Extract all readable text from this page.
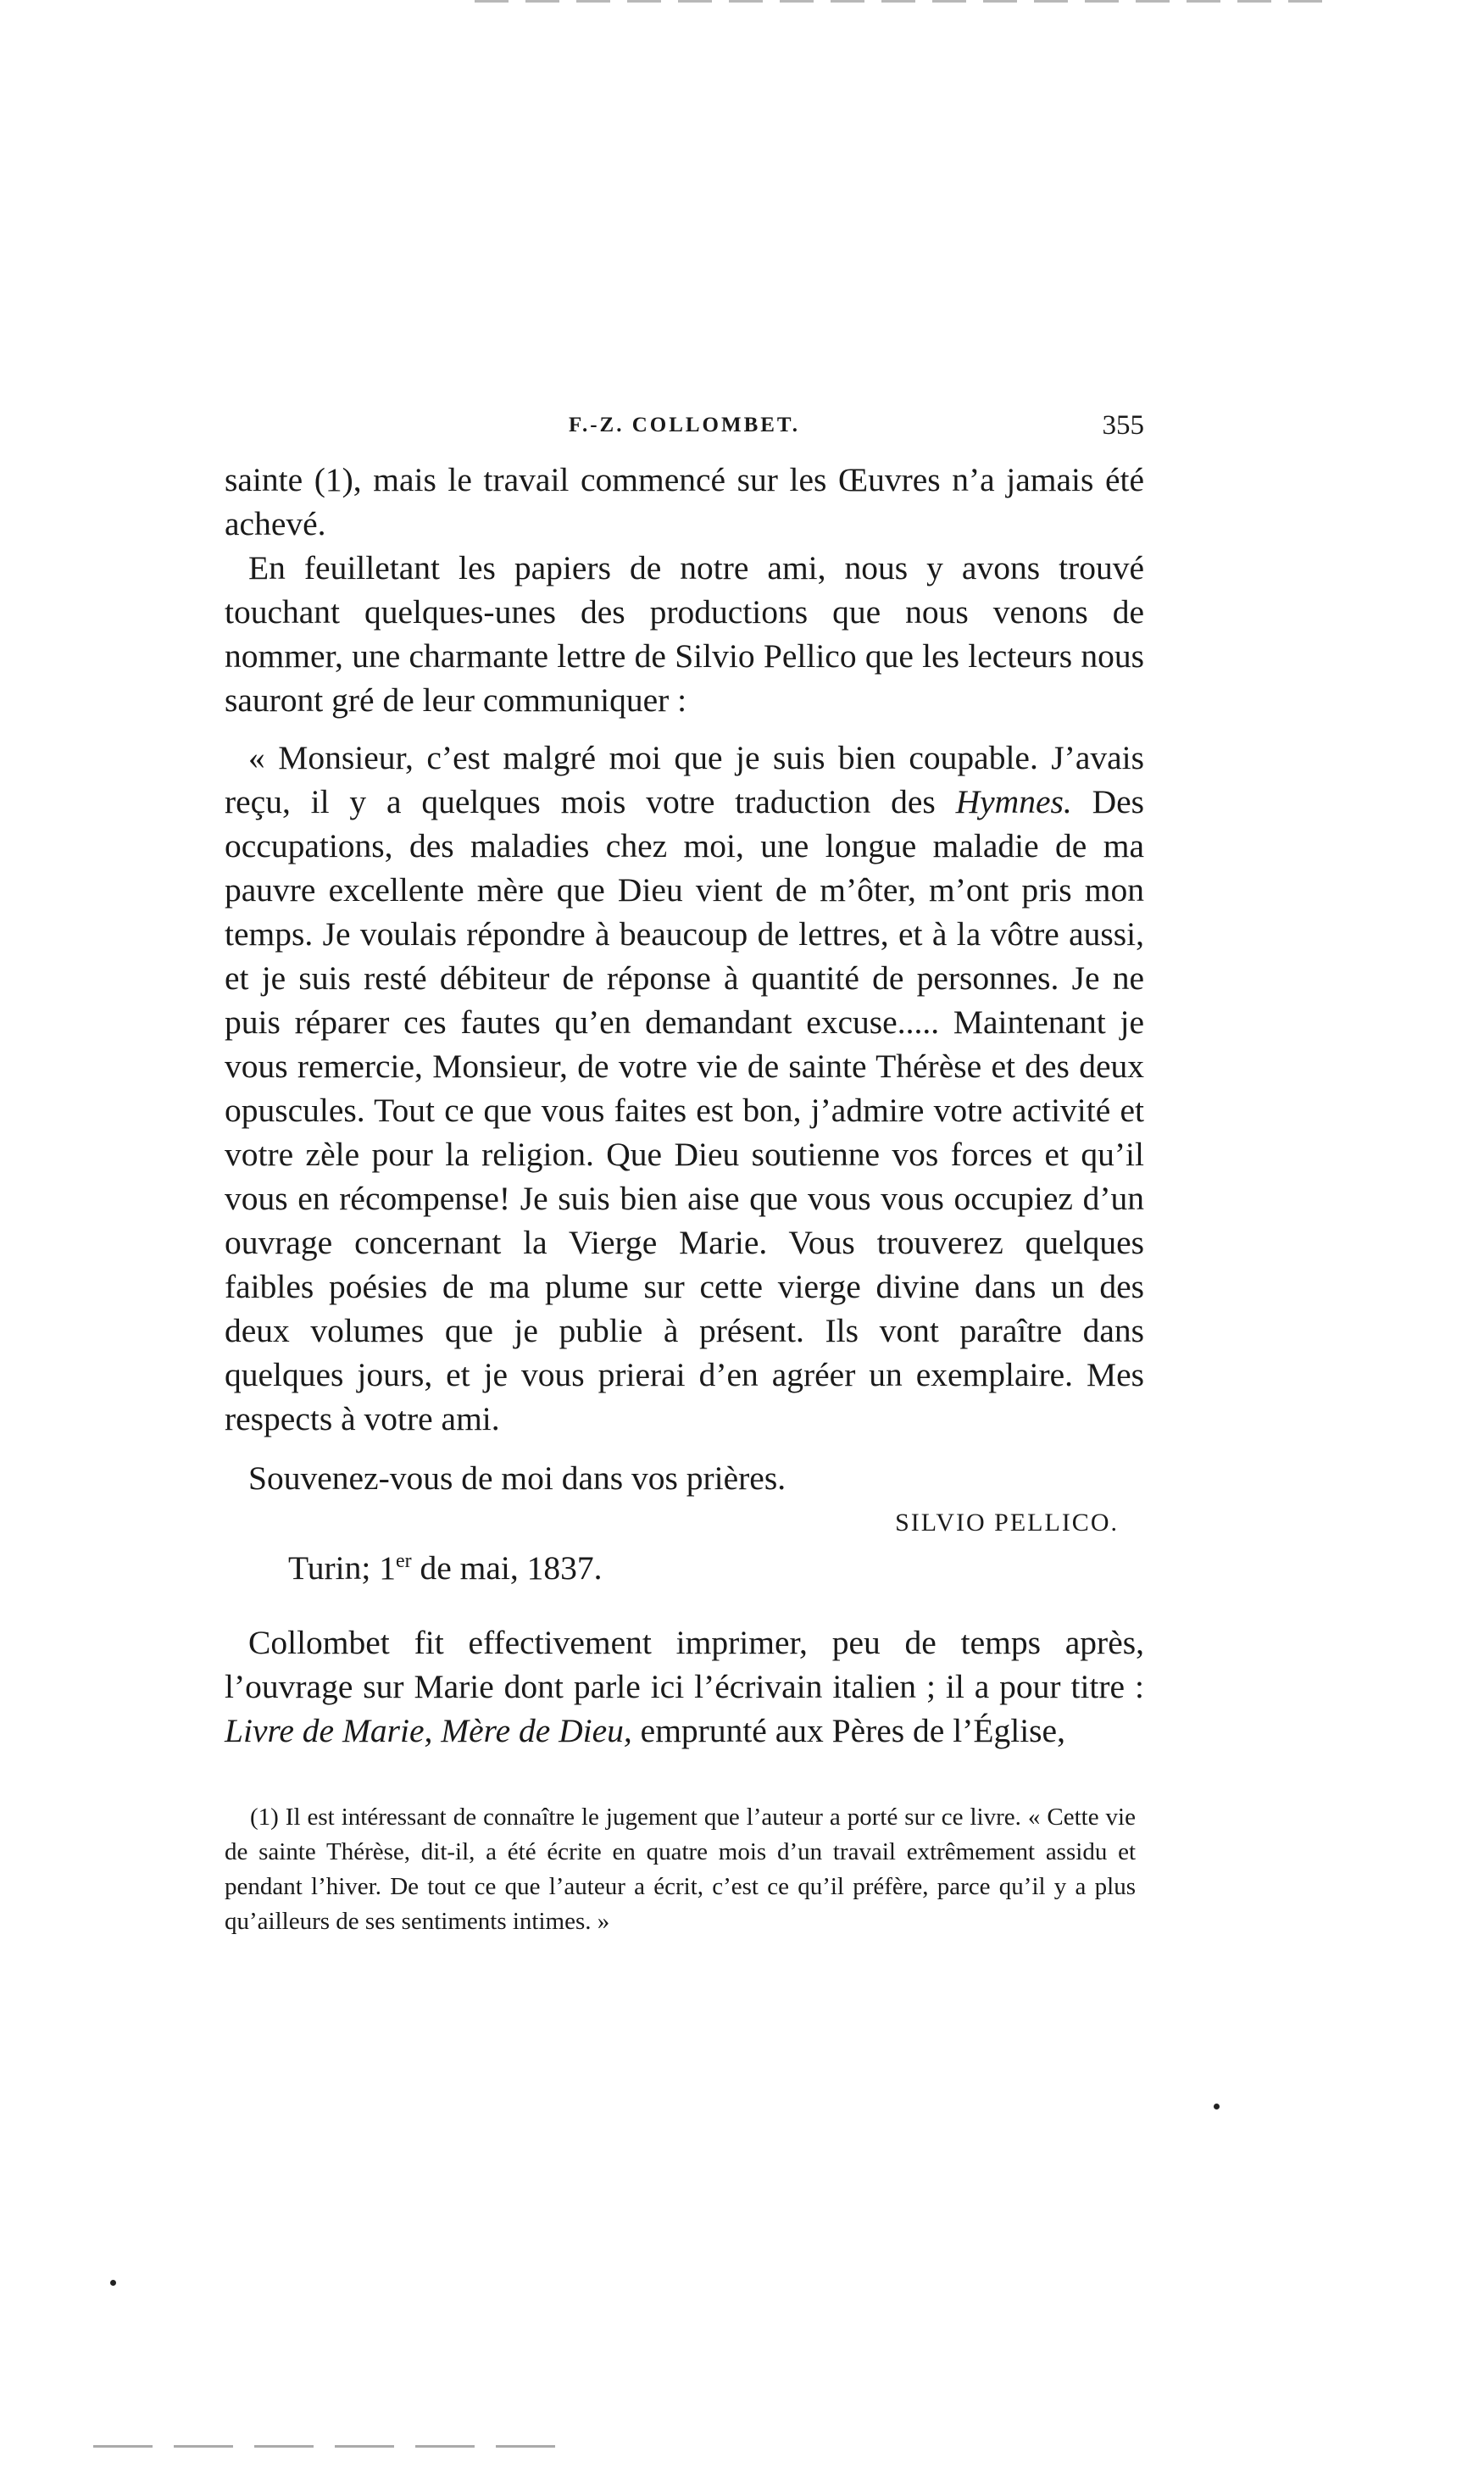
F.-Z. COLLOMBET.	355

sainte (1), mais le travail commencé sur les Œuvres n’a jamais été achevé.

En feuilletant les papiers de notre ami, nous y avons trouvé touchant quelques-unes des productions que nous venons de nommer, une charmante lettre de Silvio Pellico que les lecteurs nous sauront gré de leur communiquer :

« Monsieur, c’est malgré moi que je suis bien coupable. J’avais reçu, il y a quelques mois votre traduction des Hymnes. Des occupations, des maladies chez moi, une longue maladie de ma pauvre excellente mère que Dieu vient de m’ôter, m’ont pris mon temps. Je voulais répondre à beaucoup de lettres, et à la vôtre aussi, et je suis resté débiteur de réponse à quantité de personnes. Je ne puis réparer ces fautes qu’en demandant excuse..... Maintenant je vous remercie, Monsieur, de votre vie de sainte Thérèse et des deux opuscules. Tout ce que vous faites est bon, j’admire votre activité et votre zèle pour la religion. Que Dieu soutienne vos forces et qu’il vous en récompense! Je suis bien aise que vous vous occupiez d’un ouvrage concernant la Vierge Marie. Vous trouverez quelques faibles poésies de ma plume sur cette vierge divine dans un des deux volumes que je publie à présent. Ils vont paraître dans quelques jours, et je vous prierai d’en agréer un exemplaire. Mes respects à votre ami.

Souvenez-vous de moi dans vos prières.

SILVIO PELLICO.
Turin; 1er de mai, 1837.

Collombet fit effectivement imprimer, peu de temps après, l’ouvrage sur Marie dont parle ici l’écrivain italien ; il a pour titre : Livre de Marie, Mère de Dieu, emprunté aux Pères de l’Église,

(1) Il est intéressant de connaître le jugement que l’auteur a porté sur ce livre. « Cette vie de sainte Thérèse, dit-il, a été écrite en quatre mois d’un travail extrêmement assidu et pendant l’hiver. De tout ce que l’auteur a écrit, c’est ce qu’il préfère, parce qu’il y a plus qu’ailleurs de ses sentiments intimes. »
